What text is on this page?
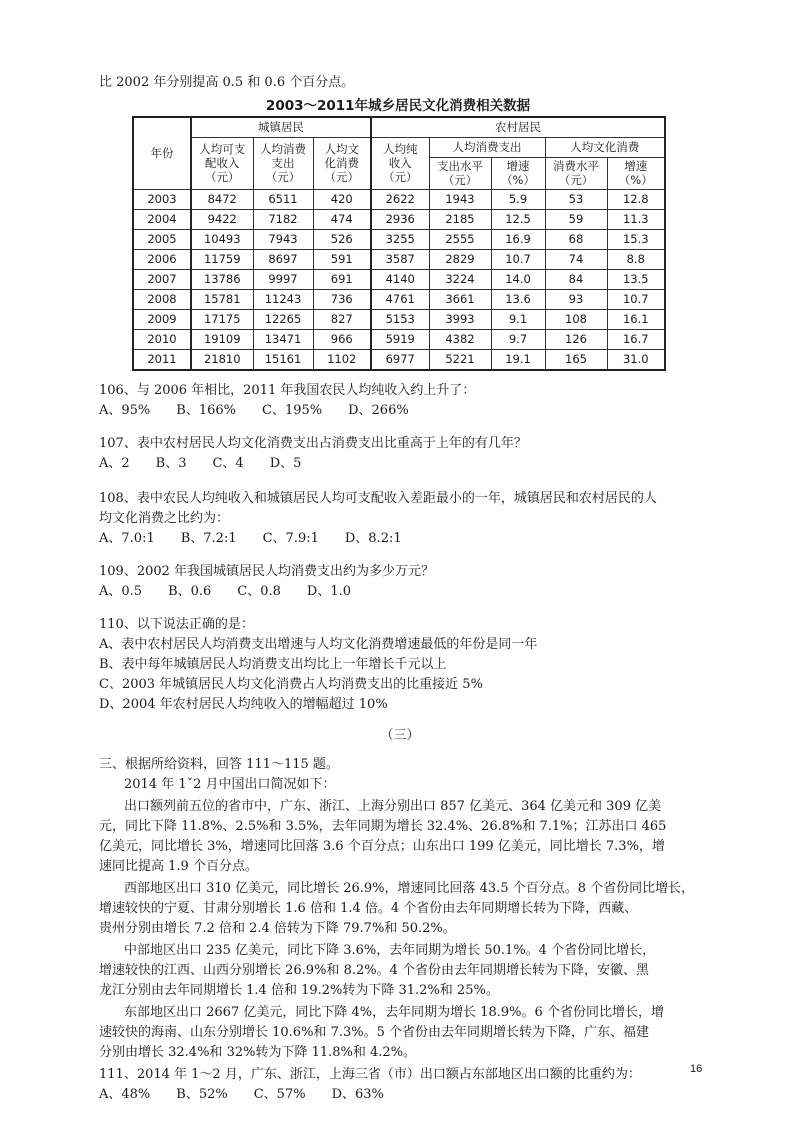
比 2002 年分别提高 0.5 和 0.6 个百分点。
2003～2011年城乡居民文化消费相关数据
年份	城镇居民			农村居民				
	人均可支配收入（元）	人均消费支出（元）	人均文化消费（元）	人均纯收入（元）	人均消费支出		人均文化消费	
					支出水平（元）	增速（%）	消费水平（元）	增速（%）
2003	8472	6511	420	2622	1943	5.9	53	12.8
2004	9422	7182	474	2936	2185	12.5	59	11.3
2005	10493	7943	526	3255	2555	16.9	68	15.3
2006	11759	8697	591	3587	2829	10.7	74	8.8
2007	13786	9997	691	4140	3224	14.0	84	13.5
2008	15781	11243	736	4761	3661	13.6	93	10.7
2009	17175	12265	827	5153	3993	9.1	108	16.1
2010	19109	13471	966	5919	4382	9.7	126	16.7
2011	21810	15161	1102	6977	5221	19.1	165	31.0
106、与 2006 年相比，2011 年我国农民人均纯收入约上升了：
A、95%　　B、166%　　C、195%　　D、266%
107、表中农村居民人均文化消费支出占消费支出比重高于上年的有几年？
A、2　　B、3　　C、4　　D、5
108、表中农民人均纯收入和城镇居民人均可支配收入差距最小的一年，城镇居民和农村居民的人
均文化消费之比约为：
A、7.0:1　　B、7.2:1　　C、7.9:1　　D、8.2:1
109、2002 年我国城镇居民人均消费支出约为多少万元？
A、0.5　　B、0.6　　C、0.8　　D、1.0
110、以下说法正确的是：
A、表中农村居民人均消费支出增速与人均文化消费增速最低的年份是同一年
B、表中每年城镇居民人均消费支出均比上一年增长千元以上
C、2003 年城镇居民人均文化消费占人均消费支出的比重接近 5%
D、2004 年农村居民人均纯收入的增幅超过 10%
（三）
三、根据所给资料，回答 111～115 题。
2014 年 1ˇ2 月中国出口简况如下：
出口额列前五位的省市中，广东、浙江、上海分别出口 857 亿美元、364 亿美元和 309 亿美
元，同比下降 11.8%、2.5%和 3.5%，去年同期为增长 32.4%、26.8%和 7.1%；江苏出口 465
亿美元，同比增长 3%，增速同比回落 3.6 个百分点；山东出口 199 亿美元，同比增长 7.3%，增
速同比提高 1.9 个百分点。
西部地区出口 310 亿美元，同比增长 26.9%，增速同比回落 43.5 个百分点。8 个省份同比增长，
增速较快的宁夏、甘肃分别增长 1.6 倍和 1.4 倍。4 个省份由去年同期增长转为下降，西藏、
贵州分别由增长 7.2 倍和 2.4 倍转为下降 79.7%和 50.2%。
中部地区出口 235 亿美元，同比下降 3.6%，去年同期为增长 50.1%。4 个省份同比增长，
增速较快的江西、山西分别增长 26.9%和 8.2%。4 个省份由去年同期增长转为下降，安徽、黑
龙江分别由去年同期增长 1.4 倍和 19.2%转为下降 31.2%和 25%。
东部地区出口 2667 亿美元，同比下降 4%，去年同期为增长 18.9%。6 个省份同比增长，增
速较快的海南、山东分别增长 10.6%和 7.3%。5 个省份由去年同期增长转为下降，广东、福建
分别由增长 32.4%和 32%转为下降 11.8%和 4.2%。
111、2014 年 1～2 月，广东、浙江，上海三省（市）出口额占东部地区出口额的比重约为：
A、48%　　B、52%　　C、57%　　D、63%
16
